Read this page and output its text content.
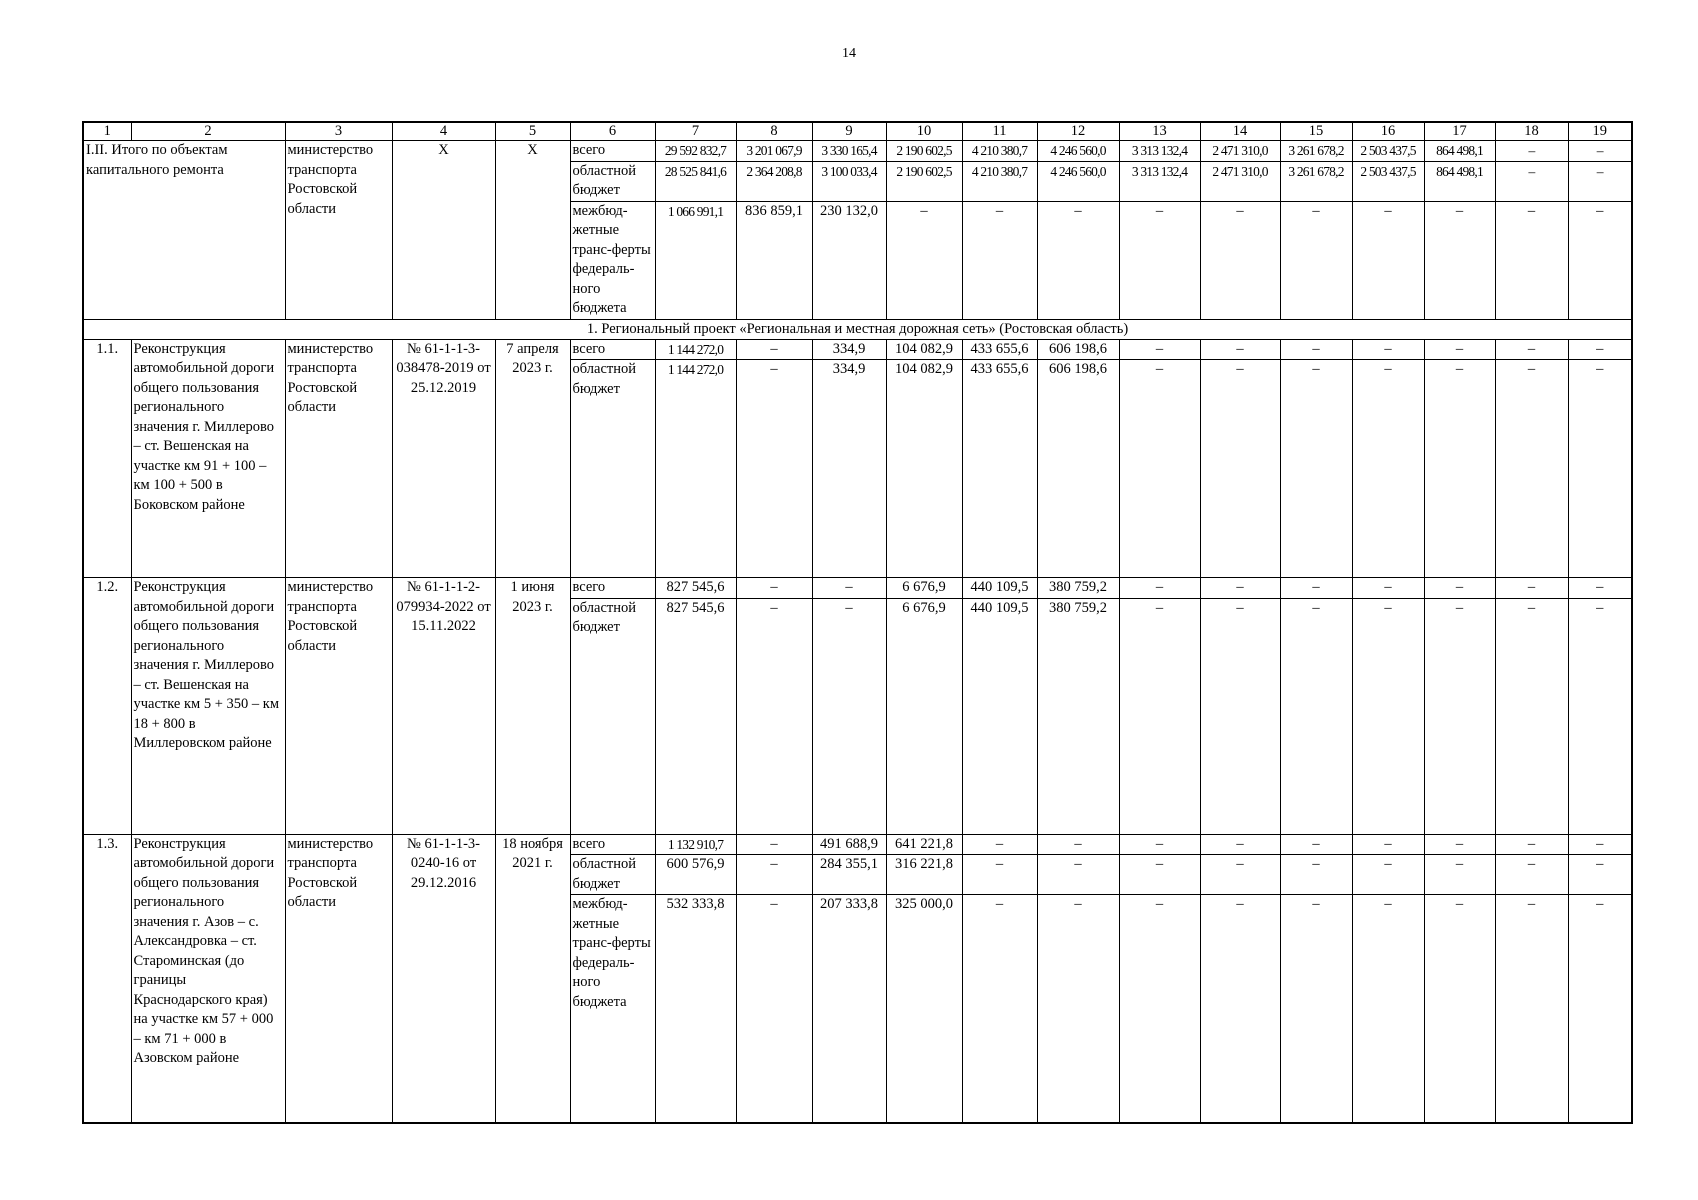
14
1	2	3	4	5	6	7	8	9	10	11	12	13	14	15	16	17	18	19
I.II. Итого по объектам капитального ремонта		министерство транспорта Ростовской области	Х	Х	всего	29 592 832,7	3 201 067,9	3 330 165,4	2 190 602,5	4 210 380,7	4 246 560,0	3 313 132,4	2 471 310,0	3 261 678,2	2 503 437,5	864 498,1	–	–
					областной бюджет	28 525 841,6	2 364 208,8	3 100 033,4	2 190 602,5	4 210 380,7	4 246 560,0	3 313 132,4	2 471 310,0	3 261 678,2	2 503 437,5	864 498,1	–	–
					межбюд-жетные транс-ферты федераль-ного бюджета	1 066 991,1	836 859,1	230 132,0	–	–	–	–	–	–	–	–	–	–
1. Региональный проект «Региональная и местная дорожная сеть» (Ростовская область)																		
1.1.	Реконструкция автомобильной дороги общего пользования регионального значения г. Миллерово – ст. Вешенская на участке км 91 + 100 – км 100 + 500 в Боковском районе	министерство транспорта Ростовской области	№ 61-1-1-3-038478-2019 от 25.12.2019	7 апреля 2023 г.	всего	1 144 272,0	–	334,9	104 082,9	433 655,6	606 198,6	–	–	–	–	–	–	–
					областной бюджет	1 144 272,0	–	334,9	104 082,9	433 655,6	606 198,6	–	–	–	–	–	–	–
1.2.	Реконструкция автомобильной дороги общего пользования регионального значения г. Миллерово – ст. Вешенская на участке км 5 + 350 – км 18 + 800 в Миллеровском районе	министерство транспорта Ростовской области	№ 61-1-1-2-079934-2022 от 15.11.2022	1 июня 2023 г.	всего	827 545,6	–	–	6 676,9	440 109,5	380 759,2	–	–	–	–	–	–	–
					областной бюджет	827 545,6	–	–	6 676,9	440 109,5	380 759,2	–	–	–	–	–	–	–
1.3.	Реконструкция автомобильной дороги общего пользования регионального значения г. Азов – с. Александровка – ст. Староминская (до границы Краснодарского края) на участке км 57 + 000 – км 71 + 000 в Азовском районе	министерство транспорта Ростовской области	№ 61-1-1-3-0240-16 от 29.12.2016	18 ноября 2021 г.	всего	1 132 910,7	–	491 688,9	641 221,8	–	–	–	–	–	–	–	–	–
					областной бюджет	600 576,9	–	284 355,1	316 221,8	–	–	–	–	–	–	–	–	–
					межбюд-жетные транс-ферты федераль-ного бюджета	532 333,8	–	207 333,8	325 000,0	–	–	–	–	–	–	–	–	–
